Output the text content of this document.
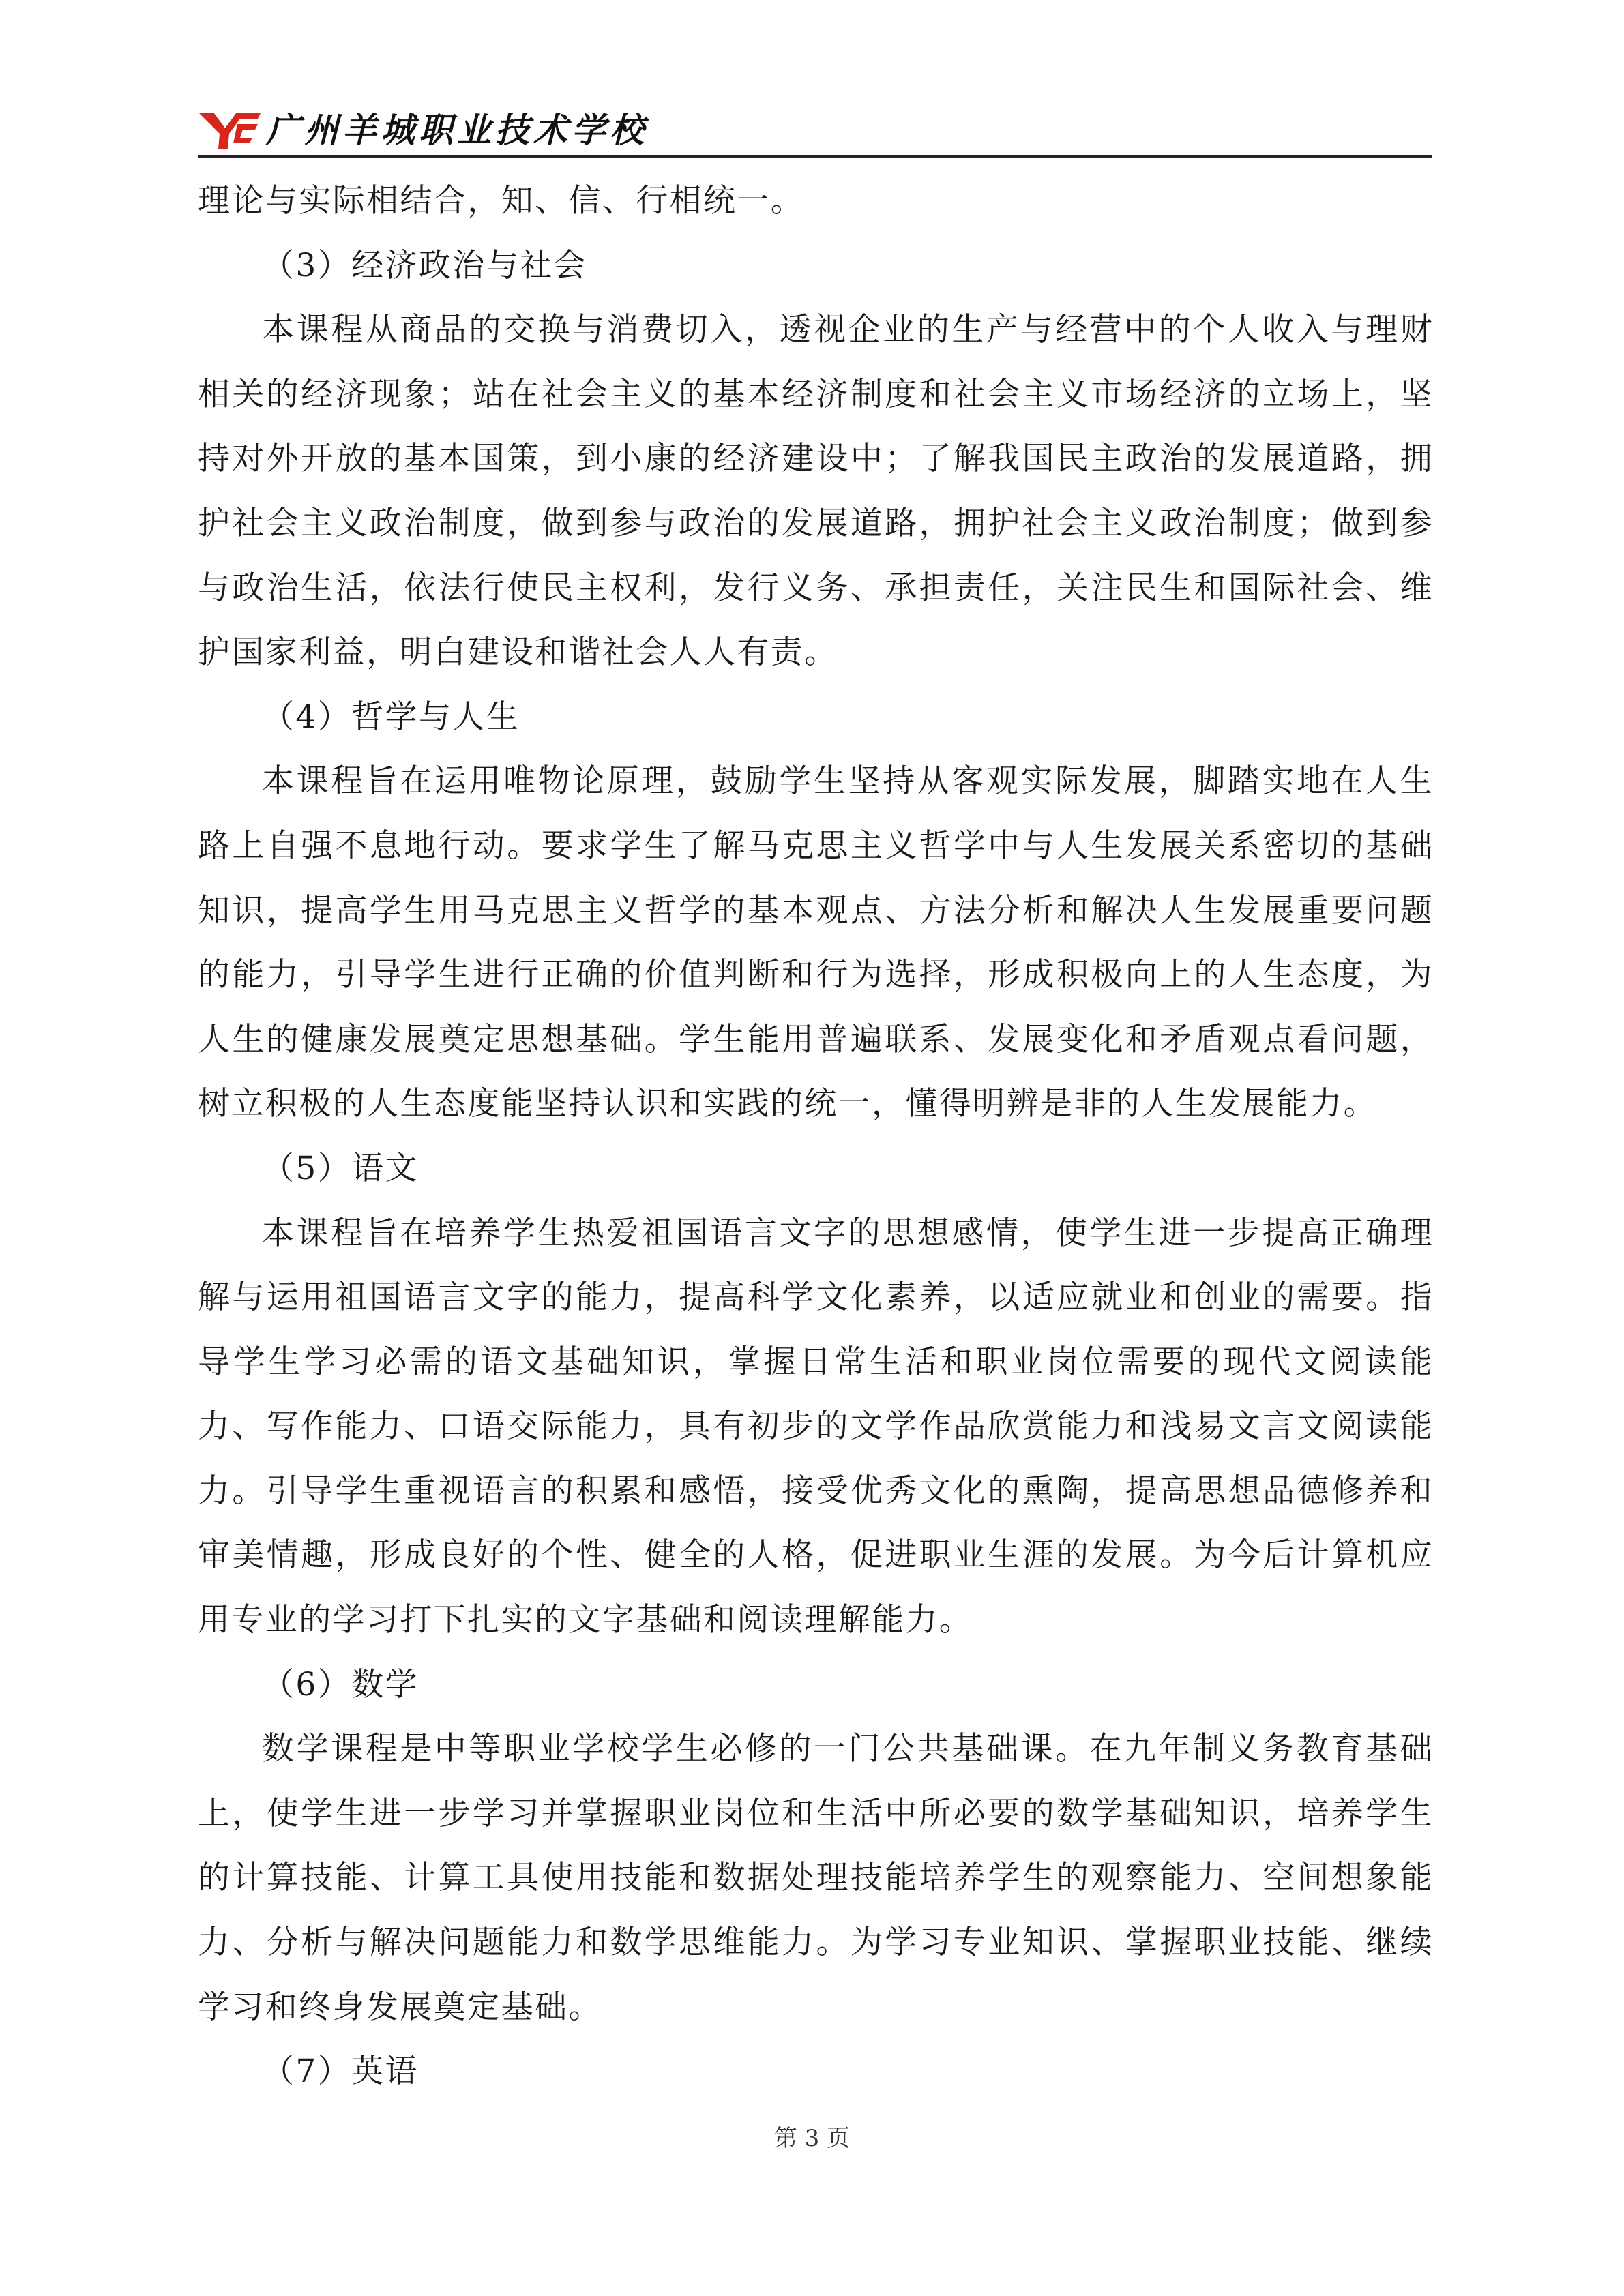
广州羊城职业技术学校

理论与实际相结合，知、信、行相统一。

（3）经济政治与社会

本课程从商品的交换与消费切入，透视企业的生产与经营中的个人收入与理财相关的经济现象；站在社会主义的基本经济制度和社会主义市场经济的立场上，坚持对外开放的基本国策，到小康的经济建设中；了解我国民主政治的发展道路，拥护社会主义政治制度，做到参与政治的发展道路，拥护社会主义政治制度；做到参与政治生活，依法行使民主权利，发行义务、承担责任，关注民生和国际社会、维护国家利益，明白建设和谐社会人人有责。

（4）哲学与人生

本课程旨在运用唯物论原理，鼓励学生坚持从客观实际发展，脚踏实地在人生路上自强不息地行动。要求学生了解马克思主义哲学中与人生发展关系密切的基础知识，提高学生用马克思主义哲学的基本观点、方法分析和解决人生发展重要问题的能力，引导学生进行正确的价值判断和行为选择，形成积极向上的人生态度，为人生的健康发展奠定思想基础。学生能用普遍联系、发展变化和矛盾观点看问题，树立积极的人生态度能坚持认识和实践的统一，懂得明辨是非的人生发展能力。

（5）语文

本课程旨在培养学生热爱祖国语言文字的思想感情，使学生进一步提高正确理解与运用祖国语言文字的能力，提高科学文化素养，以适应就业和创业的需要。指导学生学习必需的语文基础知识，掌握日常生活和职业岗位需要的现代文阅读能力、写作能力、口语交际能力，具有初步的文学作品欣赏能力和浅易文言文阅读能力。引导学生重视语言的积累和感悟，接受优秀文化的熏陶，提高思想品德修养和审美情趣，形成良好的个性、健全的人格，促进职业生涯的发展。为今后计算机应用专业的学习打下扎实的文字基础和阅读理解能力。

（6）数学

数学课程是中等职业学校学生必修的一门公共基础课。在九年制义务教育基础上，使学生进一步学习并掌握职业岗位和生活中所必要的数学基础知识，培养学生的计算技能、计算工具使用技能和数据处理技能培养学生的观察能力、空间想象能力、分析与解决问题能力和数学思维能力。为学习专业知识、掌握职业技能、继续学习和终身发展奠定基础。

（7）英语

第 3 页
